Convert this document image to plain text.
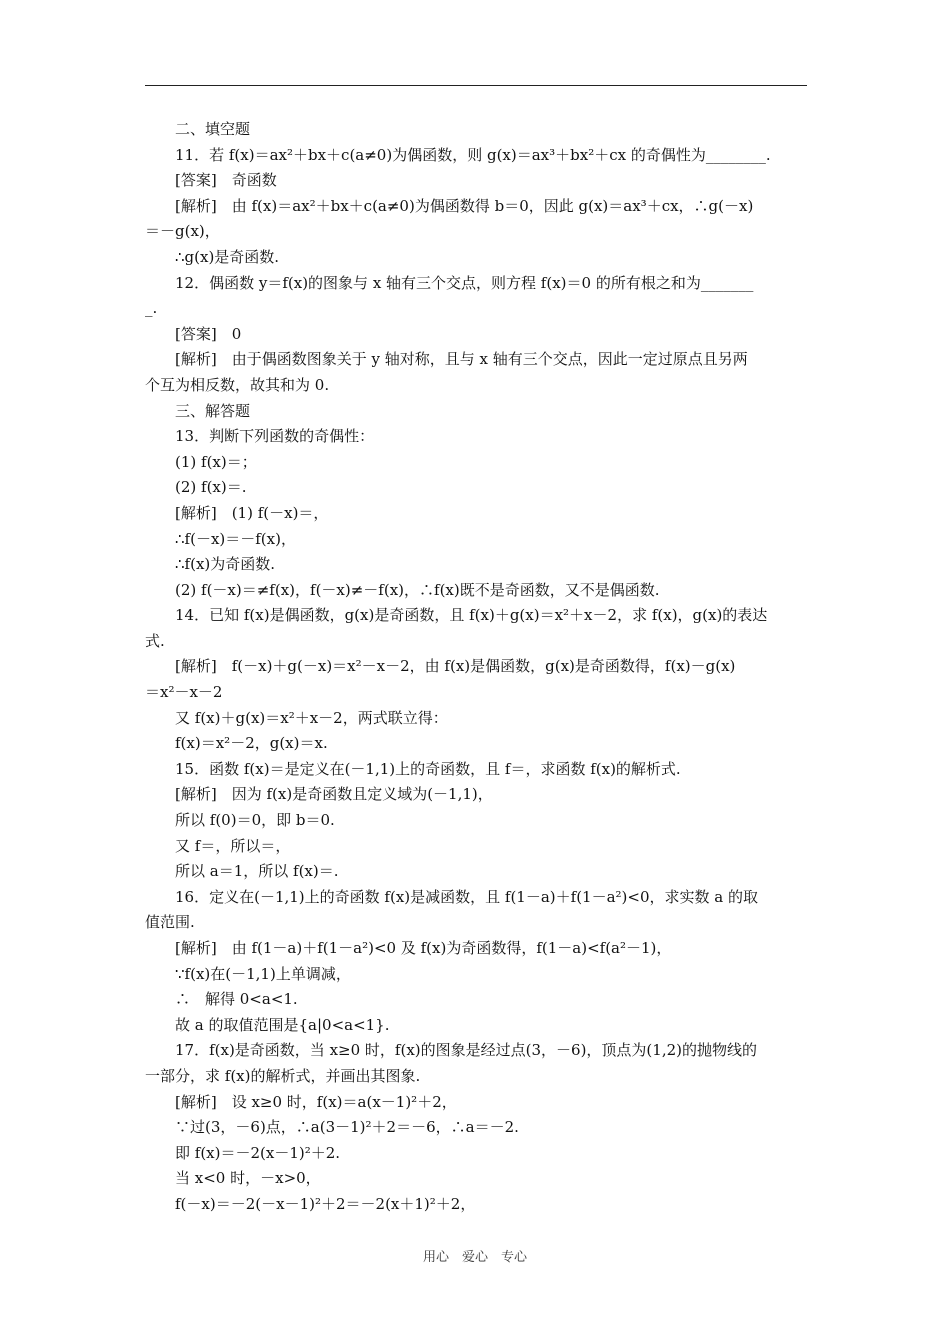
二、填空题
11．若 f(x)＝ax²＋bx＋c(a≠0)为偶函数，则 g(x)＝ax³＋bx²＋cx 的奇偶性为________.
[答案]　奇函数
[解析]　由 f(x)＝ax²＋bx＋c(a≠0)为偶函数得 b＝0，因此 g(x)＝ax³＋cx，∴g(－x)
＝－g(x)，
∴g(x)是奇函数.
12．偶函数 y＝f(x)的图象与 x 轴有三个交点，则方程 f(x)＝0 的所有根之和为_______
_.
[答案]　0
[解析]　由于偶函数图象关于 y 轴对称，且与 x 轴有三个交点，因此一定过原点且另两
个互为相反数，故其和为 0.
三、解答题
13．判断下列函数的奇偶性：
(1) f(x)＝；
(2) f(x)＝.
[解析]　(1) f(－x)＝，
∴f(－x)＝－f(x)，
∴f(x)为奇函数.
(2) f(－x)＝≠f(x)，f(－x)≠－f(x)，∴f(x)既不是奇函数，又不是偶函数.
14．已知 f(x)是偶函数，g(x)是奇函数，且 f(x)＋g(x)＝x²＋x－2，求 f(x)，g(x)的表达
式.
[解析]　f(－x)＋g(－x)＝x²－x－2，由 f(x)是偶函数，g(x)是奇函数得，f(x)－g(x)
＝x²－x－2
又 f(x)＋g(x)＝x²＋x－2，两式联立得：
f(x)＝x²－2，g(x)＝x.
15．函数 f(x)＝是定义在(－1,1)上的奇函数，且 f＝，求函数 f(x)的解析式.
[解析]　因为 f(x)是奇函数且定义域为(－1,1)，
所以 f(0)＝0，即 b＝0.
又 f＝，所以＝，
所以 a＝1，所以 f(x)＝.
16．定义在(－1,1)上的奇函数 f(x)是减函数，且 f(1－a)＋f(1－a²)<0，求实数 a 的取
值范围.
[解析]　由 f(1－a)＋f(1－a²)<0 及 f(x)为奇函数得，f(1－a)<f(a²－1)，
∵f(x)在(－1,1)上单调减，
∴　解得 0<a<1.
故 a 的取值范围是{a|0<a<1}.
17．f(x)是奇函数，当 x≥0 时，f(x)的图象是经过点(3，－6)，顶点为(1,2)的抛物线的
一部分，求 f(x)的解析式，并画出其图象.
[解析]　设 x≥0 时，f(x)＝a(x－1)²＋2，
∵过(3，－6)点，∴a(3－1)²＋2＝－6，∴a＝－2.
即 f(x)＝－2(x－1)²＋2.
当 x<0 时，－x>0，
f(－x)＝－2(－x－1)²＋2＝－2(x＋1)²＋2，
用心　爱心　专心
